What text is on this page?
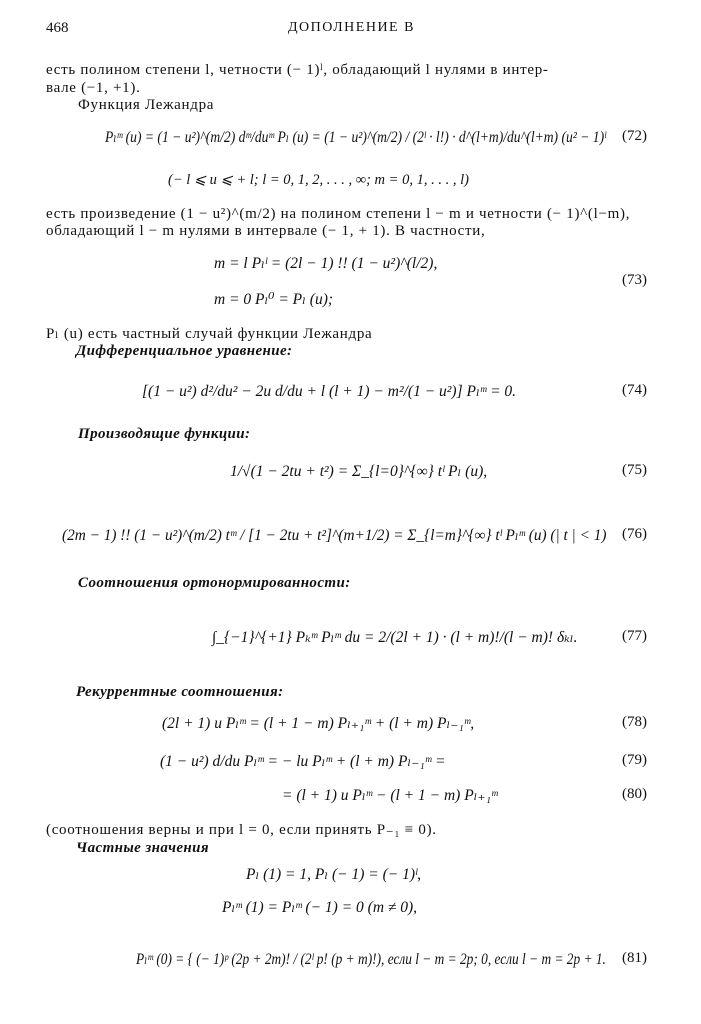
468	ДОПОЛНЕНИЕ В
есть полином степени l, четности (− 1)ˡ, обладающий l нулями в интер-
вале (−1, +1).
Функция Лежандра
Pₗᵐ (u) = (1 − u²)^(m/2) dᵐ/duᵐ Pₗ (u) = (1 − u²)^(m/2) / (2ˡ · l!) · d^(l+m)/du^(l+m) (u² − 1)ˡ (72)
(− l ⩽ u ⩽ + l; l = 0, 1, 2, . . . , ∞; m = 0, 1, . . . , l)
есть произведение (1 − u²)^(m/2) на полином степени l − m и четности (− 1)^(l−m),
обладающий l − m нулями в интервале (− 1, + 1). В частности,
m = l Pₗˡ = (2l − 1) !! (1 − u²)^(l/2),
m = 0 Pₗ⁰ = Pₗ (u);
(73)
Pₗ (u) есть частный случай функции Лежандра
Дифференциальное уравнение:
[(1 − u²) d²/du² − 2u d/du + l (l + 1) − m²/(1 − u²)] Pₗᵐ = 0.	(74)
Производящие функции:
1/√(1 − 2tu + t²) = Σ_{l=0}^{∞} tˡ Pₗ (u),	(75)
(2m − 1) !! (1 − u²)^(m/2) tᵐ / [1 − 2tu + t²]^(m+1/2) = Σ_{l=m}^{∞} tˡ Pₗᵐ (u) (| t | < 1) (76)
Соотношения ортонормированности:
∫_{−1}^{+1} Pₖᵐ Pₗᵐ du = 2/(2l + 1) · (l + m)!/(l − m)! δₖₗ.	(77)
Рекуррентные соотношения:
(2l + 1) u Pₗᵐ = (l + 1 − m) Pₗ₊₁ᵐ + (l + m) Pₗ₋₁ᵐ,	(78)
(1 − u²) d/du Pₗᵐ = − lu Pₗᵐ + (l + m) Pₗ₋₁ᵐ =	(79)
= (l + 1) u Pₗᵐ − (l + 1 − m) Pₗ₊₁ᵐ	(80)
(соотношения верны и при l = 0, если принять P₋₁ ≡ 0).
Частные значения
Pₗ (1) = 1, Pₗ (− 1) = (− 1)ˡ,
Pₗᵐ (1) = Pₗᵐ (− 1) = 0 (m ≠ 0),
Pₗᵐ (0) = { (− 1)ᵖ (2p + 2m)! / (2ˡ p! (p + m)!), если l − m = 2p; 0, если l − m = 2p + 1. (81)
